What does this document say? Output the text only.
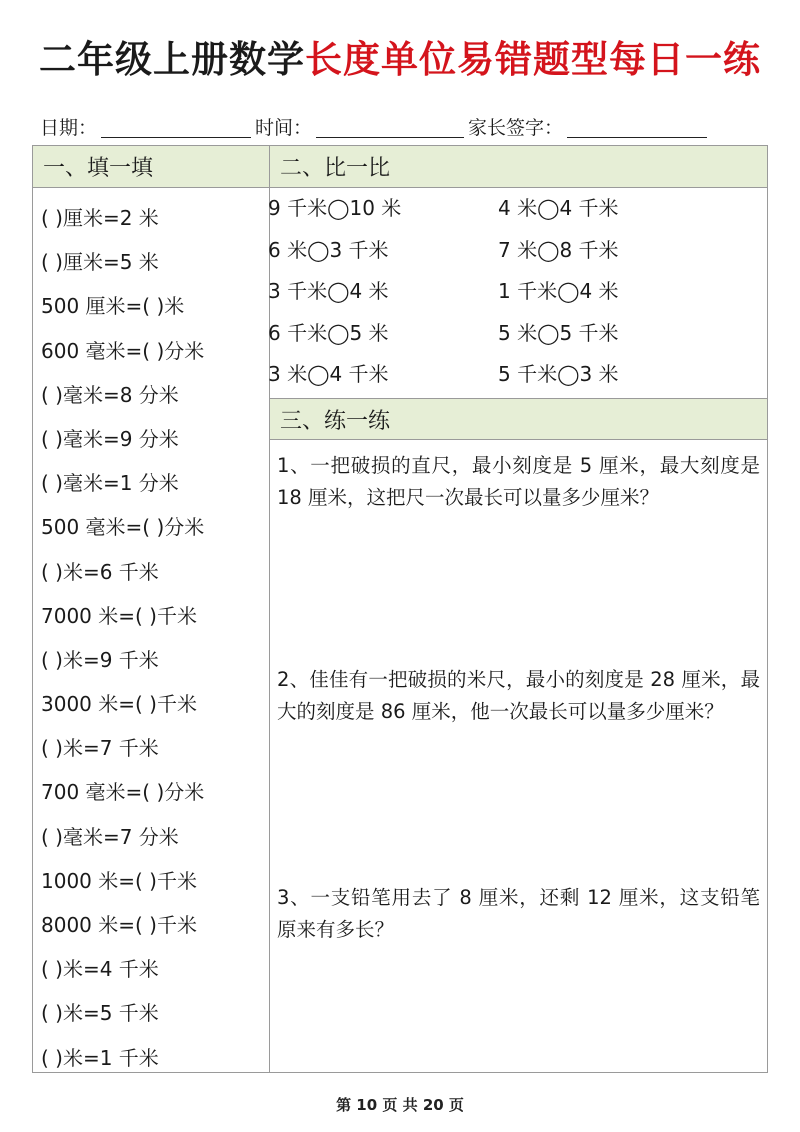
二年级上册数学长度单位易错题型每日一练
日期：	时间：	家长签字：
一、填一填	二、比一比
三、练一练
( )厘米=2 米
( )厘米=5 米
500 厘米=( )米
600 毫米=( )分米
( )毫米=8 分米
( )毫米=9 分米
( )毫米=1 分米
500 毫米=( )分米
( )米=6 千米
7000 米=( )千米
( )米=9 千米
3000 米=( )千米
( )米=7 千米
700 毫米=( )分米
( )毫米=7 分米
1000 米=( )千米
8000 米=( )千米
( )米=4 千米
( )米=5 千米
( )米=1 千米
9 千米◯10 米	4 米◯4 千米
6 米◯3 千米	7 米◯8 千米
3 千米◯4 米	1 千米◯4 米
6 千米◯5 米	5 米◯5 千米
3 米◯4 千米	5 千米◯3 米
1、一把破损的直尺，最小刻度是 5 厘米，最大刻度是 18 厘米，这把尺一次最长可以量多少厘米？
2、佳佳有一把破损的米尺，最小的刻度是 28 厘米，最大的刻度是 86 厘米，他一次最长可以量多少厘米？
3、一支铅笔用去了 8 厘米，还剩 12 厘米，这支铅笔原来有多长？
第 10 页 共 20 页
